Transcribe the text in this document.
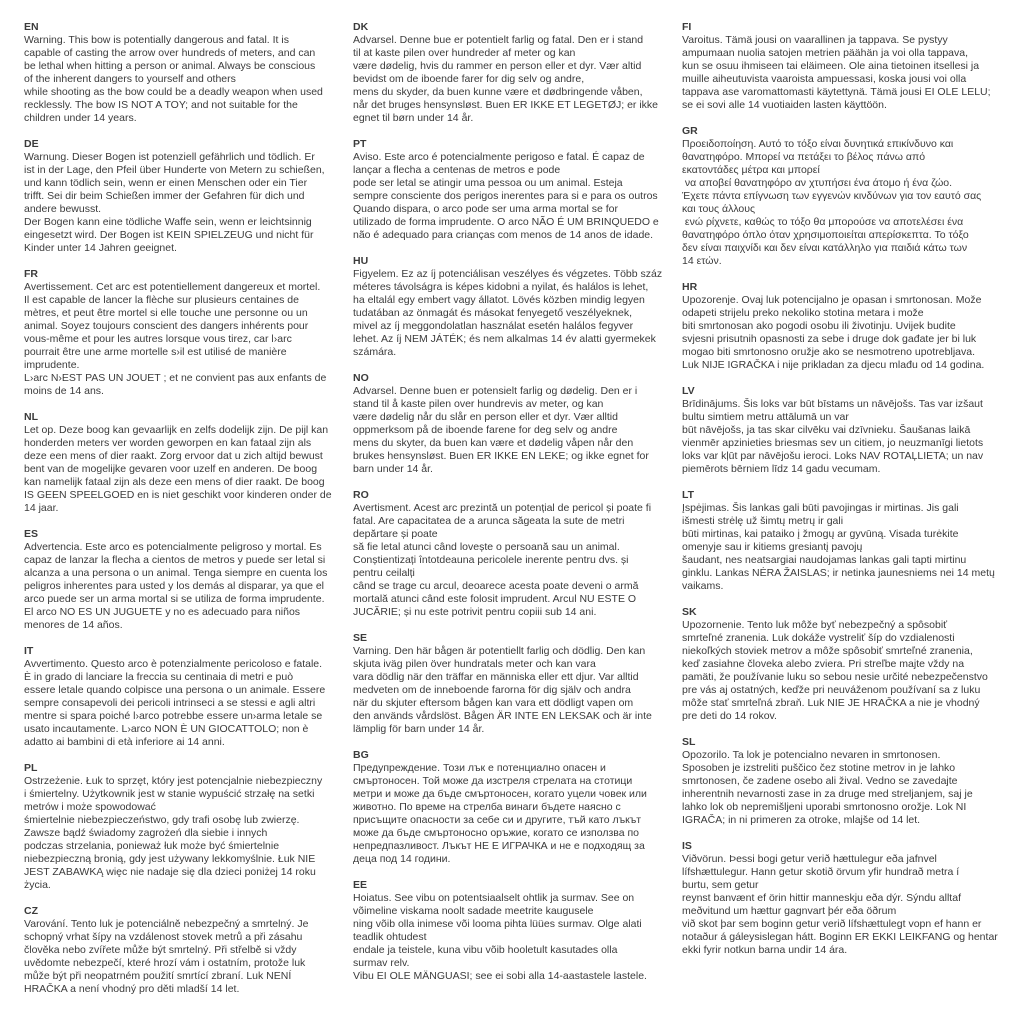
EN
Warning. This bow is potentially dangerous and fatal. It is
capable of casting the arrow over hundreds of meters, and can
be lethal when hitting a person or animal. Always be conscious
of the inherent dangers to yourself and others
while shooting as the bow could be a deadly weapon when used
recklessly. The bow IS NOT A TOY; and not suitable for the
children under 14 years.
DE
Warnung. Dieser Bogen ist potenziell gefährlich und tödlich. Er
ist in der Lage, den Pfeil über Hunderte von Metern zu schießen,
und kann tödlich sein, wenn er einen Menschen oder ein Tier
trifft. Sei dir beim Schießen immer der Gefahren für dich und
andere bewusst.
Der Bogen kann eine tödliche Waffe sein, wenn er leichtsinnig
eingesetzt wird. Der Bogen ist KEIN SPIELZEUG und nicht für
Kinder unter 14 Jahren geeignet.
FR
Avertissement. Cet arc est potentiellement dangereux et mortel.
Il est capable de lancer la flèche sur plusieurs centaines de
mètres, et peut être mortel si elle touche une personne ou un
animal. Soyez toujours conscient des dangers inhérents pour
vous-même et pour les autres lorsque vous tirez, car l›arc
pourrait être une arme mortelle s›il est utilisé de manière
imprudente.
L›arc N›EST PAS UN JOUET ; et ne convient pas aux enfants de
moins de 14 ans.
NL
Let op. Deze boog kan gevaarlijk en zelfs dodelijk zijn. De pijl kan
honderden meters ver worden geworpen en kan fataal zijn als
deze een mens of dier raakt. Zorg ervoor dat u zich altijd bewust
bent van de mogelijke gevaren voor uzelf en anderen. De boog
kan namelijk fataal zijn als deze een mens of dier raakt. De boog
IS GEEN SPEELGOED en is niet geschikt voor kinderen onder de
14 jaar.
ES
Advertencia. Este arco es potencialmente peligroso y mortal. Es
capaz de lanzar la flecha a cientos de metros y puede ser letal si
alcanza a una persona o un animal. Tenga siempre en cuenta los
peligros inherentes para usted y los demás al disparar, ya que el
arco puede ser un arma mortal si se utiliza de forma imprudente.
El arco NO ES UN JUGUETE y no es adecuado para niños
menores de 14 años.
IT
Avvertimento. Questo arco è potenzialmente pericoloso e fatale.
È in grado di lanciare la freccia su centinaia di metri e può
essere letale quando colpisce una persona o un animale. Essere
sempre consapevoli dei pericoli intrinseci a se stessi e agli altri
mentre si spara poiché l›arco potrebbe essere un›arma letale se
usato incautamente. L›arco NON È UN GIOCATTOLO; non è
adatto ai bambini di età inferiore ai 14 anni.
PL
Ostrzeżenie. Łuk to sprzęt, który jest potencjalnie niebezpieczny
i śmiertelny. Użytkownik jest w stanie wypuścić strzałę na setki
metrów i może spowodować
śmiertelnie niebezpieczeństwo, gdy trafi osobę lub zwierzę.
Zawsze bądź świadomy zagrożeń dla siebie i innych
podczas strzelania, ponieważ łuk może być śmiertelnie
niebezpieczną bronią, gdy jest używany lekkomyślnie. Łuk NIE
JEST ZABAWKĄ więc nie nadaje się dla dzieci poniżej 14 roku
życia.
CZ
Varování. Tento luk je potenciálně nebezpečný a smrtelný. Je
schopný vrhat šípy na vzdálenost stovek metrů a při zásahu
člověka nebo zvířete může být smrtelný. Při střelbě si vždy
uvědomte nebezpečí, které hrozí vám i ostatním, protože luk
může být při neopatrném použití smrtící zbraní. Luk NENÍ
HRAČKA a není vhodný pro děti mladší 14 let.
DK
Advarsel. Denne bue er potentielt farlig og fatal. Den er i stand
til at kaste pilen over hundreder af meter og kan
være dødelig, hvis du rammer en person eller et dyr. Vær altid
bevidst om de iboende farer for dig selv og andre,
mens du skyder, da buen kunne være et dødbringende våben,
når det bruges hensynsløst. Buen ER IKKE ET LEGETØJ; er ikke
egnet til børn under 14 år.
PT
Aviso. Este arco é potencialmente perigoso e fatal. É capaz de
lançar a flecha a centenas de metros e pode
pode ser letal se atingir uma pessoa ou um animal. Esteja
sempre consciente dos perigos inerentes para si e para os outros
Quando dispara, o arco pode ser uma arma mortal se for
utilizado de forma imprudente. O arco NÃO É UM BRINQUEDO e
não é adequado para crianças com menos de 14 anos de idade.
HU
Figyelem. Ez az íj potenciálisan veszélyes és végzetes. Több száz
méteres távolságra is képes kidobni a nyilat, és halálos is lehet,
ha eltalál egy embert vagy állatot. Lövés közben mindig legyen
tudatában az önmagát és másokat fenyegető veszélyeknek,
mivel az íj meggondolatlan használat esetén halálos fegyver
lehet. Az íj NEM JÁTÉK; és nem alkalmas 14 év alatti gyermekek
számára.
NO
Advarsel. Denne buen er potensielt farlig og dødelig. Den er i
stand til å kaste pilen over hundrevis av meter, og kan
være dødelig når du slår en person eller et dyr. Vær alltid
oppmerksom på de iboende farene for deg selv og andre
mens du skyter, da buen kan være et dødelig våpen når den
brukes hensynsløst. Buen ER IKKE EN LEKE; og ikke egnet for
barn under 14 år.
RO
Avertisment. Acest arc prezintă un potențial de pericol și poate fi
fatal. Are capacitatea de a arunca săgeata la sute de metri
depărtare și poate
să fie letal atunci când lovește o persoană sau un animal.
Conștientizați întotdeauna pericolele inerente pentru dvs. și
pentru ceilalți
când se trage cu arcul, deoarece acesta poate deveni o armă
mortală atunci când este folosit imprudent. Arcul NU ESTE O
JUCĂRIE; și nu este potrivit pentru copiii sub 14 ani.
SE
Varning. Den här bågen är potentiellt farlig och dödlig. Den kan
skjuta iväg pilen över hundratals meter och kan vara
vara dödlig när den träffar en människa eller ett djur. Var alltid
medveten om de inneboende farorna för dig själv och andra
när du skjuter eftersom bågen kan vara ett dödligt vapen om
den används vårdslöst. Bågen ÄR INTE EN LEKSAK och är inte
lämplig för barn under 14 år.
BG
Предупреждение. Този лък е потенциално опасен и
смъртоносен. Той може да изстреля стрелата на стотици
метри и може да бъде смъртоносен, когато уцели човек или
животно. По време на стрелба винаги бъдете наясно с
присъщите опасности за себе си и другите, тъй като лъкът
може да бъде смъртоносно оръжие, когато се използва по
непредпазливост. Лъкът НЕ Е ИГРАЧКА и не е подходящ за
деца под 14 години.
EE
Hoiatus. See vibu on potentsiaalselt ohtlik ja surmav. See on
võimeline viskama noolt sadade meetrite kaugusele
ning võib olla inimese või looma pihta lüües surmav. Olge alati
teadlik ohtudest
endale ja teistele, kuna vibu võib hooletult kasutades olla
surmav relv.
Vibu EI OLE MÄNGUASI; see ei sobi alla 14-aastastele lastele.
FI
Varoitus. Tämä jousi on vaarallinen ja tappava. Se pystyy
ampumaan nuolia satojen metrien päähän ja voi olla tappava,
kun se osuu ihmiseen tai eläimeen. Ole aina tietoinen itsellesi ja
muille aiheutuvista vaaroista ampuessasi, koska jousi voi olla
tappava ase varomattomasti käytettynä. Tämä jousi EI OLE LELU;
se ei sovi alle 14 vuotiaiden lasten käyttöön.
GR
Προειδοποίηση. Αυτό το τόξο είναι δυνητικά επικίνδυνο και
θανατηφόρο. Μπορεί να πετάξει το βέλος πάνω από
εκατοντάδες μέτρα και μπορεί
να αποβεί θανατηφόρο αν χτυπήσει ένα άτομο ή ένα ζώο.
Έχετε πάντα επίγνωση των εγγενών κινδύνων για τον εαυτό σας
και τους άλλους
ενώ ρίχνετε, καθώς το τόξο θα μπορούσε να αποτελέσει ένα
θανατηφόρο όπλο όταν χρησιμοποιείται απερίσκεπτα. Το τόξο
δεν είναι παιχνίδι και δεν είναι κατάλληλο για παιδιά κάτω των
14 ετών.
HR
Upozorenje. Ovaj luk potencijalno je opasan i smrtonosan. Može
odapeti strijelu preko nekoliko stotina metara i može
biti smrtonosan ako pogodi osobu ili životinju. Uvijek budite
svjesni prisutnih opasnosti za sebe i druge dok gađate jer bi luk
mogao biti smrtonosno oružje ako se nesmotreno upotrebljava.
Luk NIJE IGRAČKA i nije prikladan za djecu mlađu od 14 godina.
LV
Brīdinājums. Šis loks var būt bīstams un nāvējošs. Tas var izšaut
bultu simtiem metru attālumā un var
būt nāvējošs, ja tas skar cilvēku vai dzīvnieku. Šaušanas laikā
vienmēr apzinieties briesmas sev un citiem, jo neuzmanīgi lietots
loks var kļūt par nāvējošu ieroci. Loks NAV ROTAĻLIETA; un nav
piemērots bērniem līdz 14 gadu vecumam.
LT
Įspėjimas. Šis lankas gali būti pavojingas ir mirtinas. Jis gali
išmesti strėlę už šimtų metrų ir gali
būti mirtinas, kai pataiko į žmogų ar gyvūną. Visada turėkite
omenyje sau ir kitiems gresiantį pavojų
šaudant, nes neatsargiai naudojamas lankas gali tapti mirtinu
ginklu. Lankas NĖRA ŽAISLAS; ir netinka jaunesniems nei 14 metų
vaikams.
SK
Upozornenie. Tento luk môže byť nebezpečný a spôsobiť
smrteľné zranenia. Luk dokáže vystreliť šíp do vzdialenosti
niekoľkých stoviek metrov a môže spôsobiť smrteľné zranenia,
keď zasiahne človeka alebo zviera. Pri streľbe majte vždy na
pamäti, že používanie luku so sebou nesie určité nebezpečenstvo
pre vás aj ostatných, keďže pri neuváženom používaní sa z luku
môže stať smrteľná zbraň. Luk NIE JE HRAČKA a nie je vhodný
pre deti do 14 rokov.
SL
Opozorilo. Ta lok je potencialno nevaren in smrtonosen.
Sposoben je izstreliti puščico čez stotine metrov in je lahko
smrtonosen, če zadene osebo ali žival. Vedno se zavedajte
inherentnih nevarnosti zase in za druge med streljanjem, saj je
lahko lok ob nepremišljeni uporabi smrtonosno orožje. Lok NI
IGRAČA; in ni primeren za otroke, mlajše od 14 let.
IS
Viðvörun. Þessi bogi getur verið hættulegur eða jafnvel
lífshættulegur. Hann getur skotið örvum yfir hundrað metra í
burtu, sem getur
reynst banvænt ef örin hittir manneskju eða dýr. Sýndu alltaf
meðvitund um hættur gagnvart þér eða öðrum
við skot þar sem boginn getur verið lífshættulegt vopn ef hann er
notaður á gáleysislegan hátt. Boginn ER EKKI LEIKFANG og hentar
ekki fyrir notkun barna undir 14 ára.
